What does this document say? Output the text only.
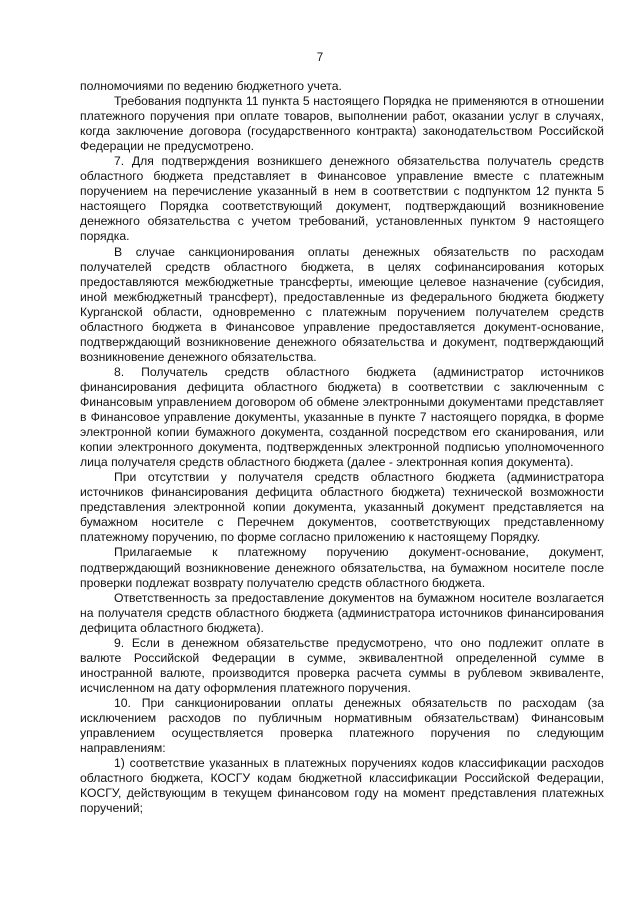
7

полномочиями по ведению бюджетного учета.

Требования подпункта 11 пункта 5 настоящего Порядка не применяются в отношении платежного поручения при оплате товаров, выполнении работ, оказании услуг в случаях, когда заключение договора (государственного контракта) законодательством Российской Федерации не предусмотрено.

7. Для подтверждения возникшего денежного обязательства получатель средств областного бюджета представляет в Финансовое управление вместе с платежным поручением на перечисление указанный в нем в соответствии с подпунктом 12 пункта 5 настоящего Порядка соответствующий документ, подтверждающий возникновение денежного обязательства с учетом требований, установленных пунктом 9 настоящего порядка.

В случае санкционирования оплаты денежных обязательств по расходам получателей средств областного бюджета, в целях софинансирования которых предоставляются межбюджетные трансферты, имеющие целевое назначение (субсидия, иной межбюджетный трансферт), предоставленные из федерального бюджета бюджету Курганской области, одновременно с платежным поручением получателем средств областного бюджета в Финансовое управление предоставляется документ-основание, подтверждающий возникновение денежного обязательства и документ, подтверждающий возникновение денежного обязательства.

8. Получатель средств областного бюджета (администратор источников финансирования дефицита областного бюджета) в соответствии с заключенным с Финансовым управлением договором об обмене электронными документами представляет в Финансовое управление документы, указанные в пункте 7 настоящего порядка, в форме электронной копии бумажного документа, созданной посредством его сканирования, или копии электронного документа, подтвержденных электронной подписью уполномоченного лица получателя средств областного бюджета (далее - электронная копия документа).

При отсутствии у получателя средств областного бюджета (администратора источников финансирования дефицита областного бюджета) технической возможности представления электронной копии документа, указанный документ представляется на бумажном носителе с Перечнем документов, соответствующих представленному платежному поручению, по форме согласно приложению к настоящему Порядку.

Прилагаемые к платежному поручению документ-основание, документ, подтверждающий возникновение денежного обязательства, на бумажном носителе после проверки подлежат возврату получателю средств областного бюджета.

Ответственность за предоставление документов на бумажном носителе возлагается на получателя средств областного бюджета (администратора источников финансирования дефицита областного бюджета).

9. Если в денежном обязательстве предусмотрено, что оно подлежит оплате в валюте Российской Федерации в сумме, эквивалентной определенной сумме в иностранной валюте, производится проверка расчета суммы в рублевом эквиваленте, исчисленном на дату оформления платежного поручения.

10. При санкционировании оплаты денежных обязательств по расходам (за исключением расходов по публичным нормативным обязательствам) Финансовым управлением осуществляется проверка платежного поручения по следующим направлениям:

1) соответствие указанных в платежных поручениях кодов классификации расходов областного бюджета, КОСГУ кодам бюджетной классификации Российской Федерации, КОСГУ, действующим в текущем финансовом году на момент представления платежных поручений;
